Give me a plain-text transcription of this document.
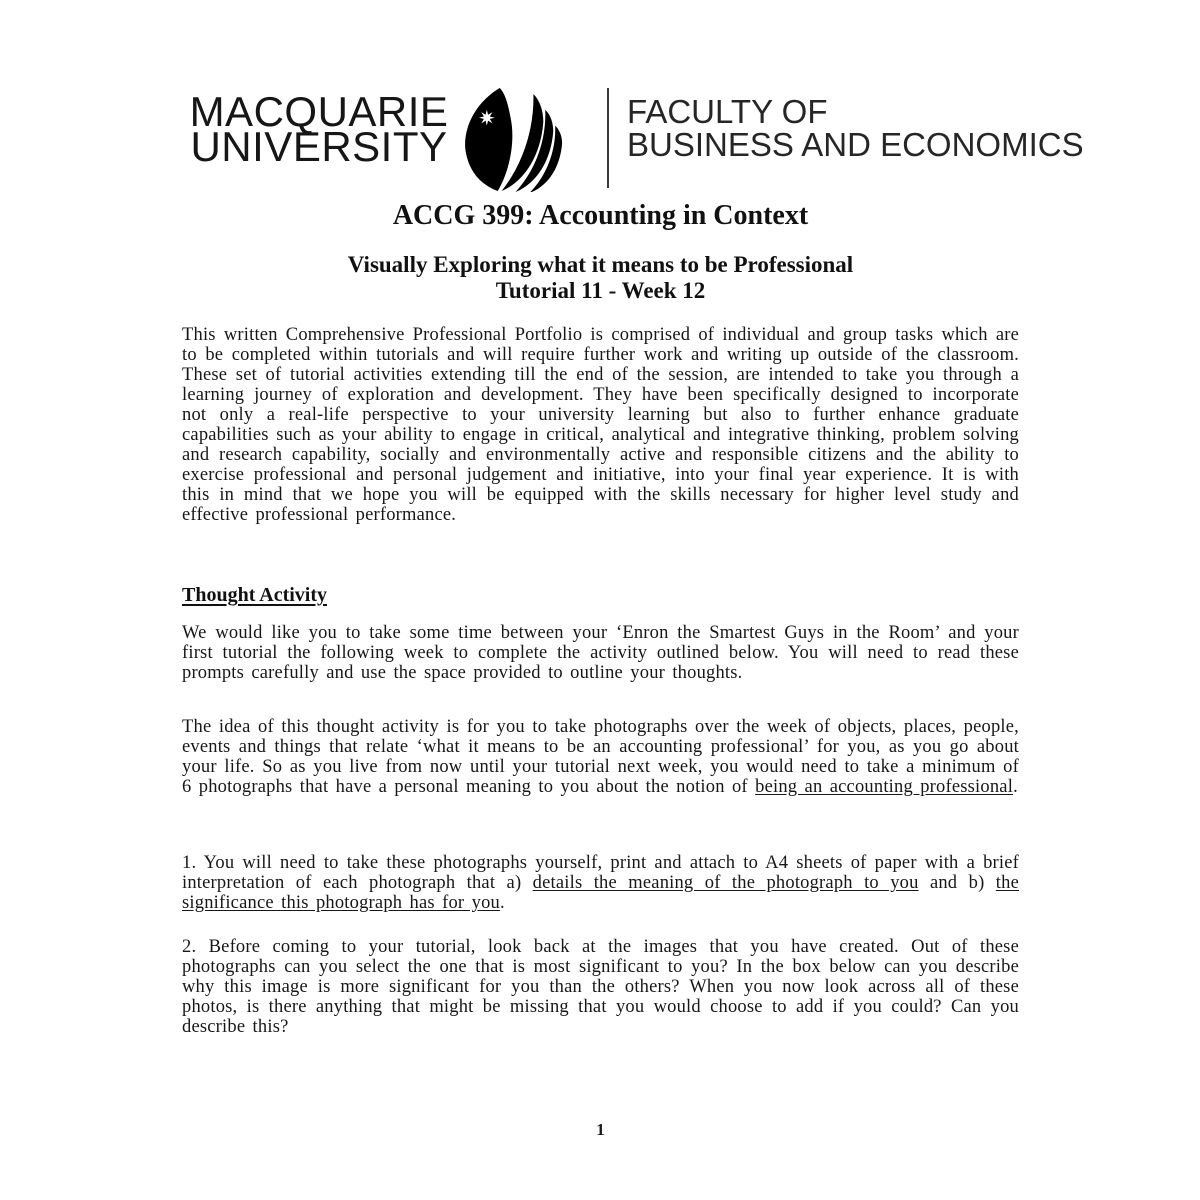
MACQUARIE
UNIVERSITY
FACULTY OF
BUSINESS AND ECONOMICS
ACCG 399: Accounting in Context
Visually Exploring what it means to be Professional
Tutorial 11 - Week 12

This written Comprehensive Professional Portfolio is comprised of individual and group tasks which are to be completed within tutorials and will require further work and writing up outside of the classroom. These set of tutorial activities extending till the end of the session, are intended to take you through a learning journey of exploration and development. They have been specifically designed to incorporate not only a real-life perspective to your university learning but also to further enhance graduate capabilities such as your ability to engage in critical, analytical and integrative thinking, problem solving and research capability, socially and environmentally active and responsible citizens and the ability to exercise professional and personal judgement and initiative, into your final year experience. It is with this in mind that we hope you will be equipped with the skills necessary for higher level study and effective professional performance.

Thought Activity

We would like you to take some time between your ‘Enron the Smartest Guys in the Room’ and your first tutorial the following week to complete the activity outlined below. You will need to read these prompts carefully and use the space provided to outline your thoughts.

The idea of this thought activity is for you to take photographs over the week of objects, places, people, events and things that relate ‘what it means to be an accounting professional’ for you, as you go about your life. So as you live from now until your tutorial next week, you would need to take a minimum of 6 photographs that have a personal meaning to you about the notion of being an accounting professional.

1. You will need to take these photographs yourself, print and attach to A4 sheets of paper with a brief interpretation of each photograph that a) details the meaning of the photograph to you and b) the significance this photograph has for you.

2. Before coming to your tutorial, look back at the images that you have created. Out of these photographs can you select the one that is most significant to you? In the box below can you describe why this image is more significant for you than the others? When you now look across all of these photos, is there anything that might be missing that you would choose to add if you could? Can you describe this?

1
